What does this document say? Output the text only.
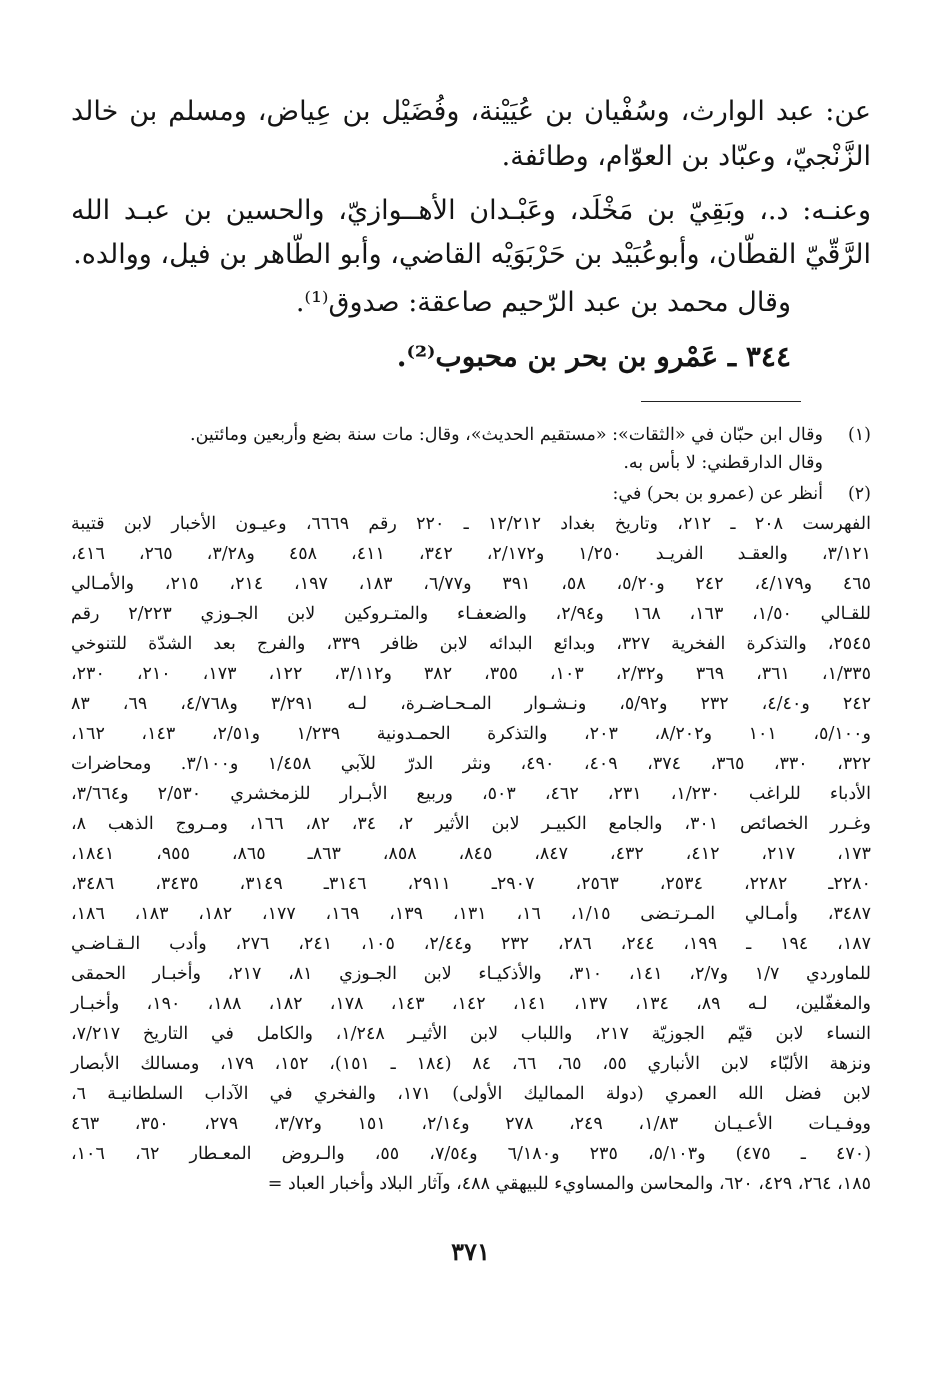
عن: عبد الوارث، وسُفْيان بن عُيَيْنة، وفُضَيْل بن عِياض، ومسلم بن خالد
الزَّنْجيّ، وعبّاد بن العوّام، وطائفة.
وعنـه: د.، وبَقِيّ بن مَخْلَد، وعَبْـدان الأهــوازيّ، والحسين بن عبـد الله
الرَّقّيّ القطّان، وأبوعُبَيْد بن حَرْبَوَيْه القاضي، وأبو الطّاهر بن فيل، ووالده.
وقال محمد بن عبد الرّحيم صاعقة: صدوق⁽¹⁾.
٣٤٤ ـ عَمْرو بن بحر بن محبوب⁽²⁾.
(١)
وقال ابن حبّان في «الثقات»: «مستقيم الحديث»، وقال: مات سنة بضع وأربعين ومائتين.
وقال الدارقطني: لا بأس به.
(٢)
أنظر عن (عمرو بن بحر) في:
الفهرست ٢٠٨ ـ ٢١٢، وتاريخ بغداد ١٢/٢١٢ ـ ٢٢٠ رقم ٦٦٦٩، وعيـون الأخبار لابن قتيبة
٣/١٢١، والعقـد الفريـد ١/٢٥٠ و٢/١٧٢، ٣٤٢، ٤١١، ٤٥٨ و٣/٢٨، ٢٦٥، ٤١٦،
٤٦٥ و٤/١٧٩، ٢٤٢ و٥/٢٠، ٥٨، ٣٩١ و٦/٧٧، ١٨٣، ١٩٧، ٢١٤، ٢١٥، والأمـالي
للقـالي ١/٥٠، ١٦٣، ١٦٨ و٢/٩٤، والضعفـاء والمتـروكين لابن الجـوزي ٢/٢٢٣ رقم
٢٥٤٥، والتذكرة الفخرية ٣٢٧، وبدائع البدائه لابن ظافر ٣٣٩، والفرج بعد الشدّة للتنوخي
١/٣٣٥، ٣٦١، ٣٦٩ و٢/٣٢، ١٠٣، ٣٥٥، ٣٨٢ و٣/١١٢، ١٢٢، ١٧٣، ٢١٠، ٢٣٠،
٢٤٢ و٤/٤٠، ٢٣٢ و٥/٩٢، ونـشـوار المـحـاضـرة، لـه ٣/٢٩١ و٤/٧٦٨، ٦٩، ٨٣
و٥/١٠٠، ١٠١ و٨/٢٠٢، ٢٠٣، والتذكرة الحمـدونية ١/٢٣٩ و٢/٥١، ١٤٣، ١٦٢،
٣٢٢، ٣٣٠، ٣٦٥، ٣٧٤، ٤٠٩، ٤٩٠، ونثر الدرّ للآبي ١/٤٥٨ و٣/١٠٠. ومحاضرات
الأدباء للراغب ١/٢٣٠، ٢٣١، ٤٦٢، ٥٠٣، وربيع الأبـرار للزمخشري ٢/٥٣٠ و٣/٦٦٤،
وغـرر الخصائص ٣٠١، والجامع الكبيـر لابن الأثير ٢، ٣٤، ٨٢، ١٦٦، ومـروج الذهب ٨،
١٧٣، ٢١٧، ٤١٢، ٤٣٢، ٨٤٧، ٨٤٥، ٨٥٨، ٨٦٣ـ ٨٦٥، ٩٥٥، ١٨٤١،
٢٢٨٠ـ ٢٢٨٢، ٢٥٣٤، ٢٥٦٣، ٢٩٠٧ـ ٢٩١١، ٣١٤٦ـ ٣١٤٩، ٣٤٣٥، ٣٤٨٦،
٣٤٨٧، وأمـالي المـرتـضى ١/١٥، ١٦، ١٣١، ١٣٩، ١٦٩، ١٧٧، ١٨٢، ١٨٣، ١٨٦،
١٨٧، ١٩٤ ـ ١٩٩، ٢٤٤، ٢٨٦، ٢٣٢ و٢/٤٤، ١٠٥، ٢٤١، ٢٧٦، وأدب الـقـاضـي
للماوردي ١/٧ و٢/٧، ١٤١، ٣١٠، والأذكيـاء لابن الجـوزي ٨١، ٢١٧، وأخبـار الحمقى
والمغفّلين، لـه ٨٩، ١٣٤، ١٣٧، ١٤١، ١٤٢، ١٤٣، ١٧٨، ١٨٢، ١٨٨، ١٩٠، وأخبـار
النساء لابن قيّم الجوزيّة ٢١٧، واللباب لابن الأثيـر ١/٢٤٨، والكامل في التاريخ ٧/٢١٧،
ونزهة الألبّاء لابن الأنباري ٥٥، ٦٥، ٦٦، ٨٤ (١٨٤ ـ ١٥١)، ١٥٢، ١٧٩، ومسالك الأبصار
لابن فضل الله العمري (دولة المماليك الأولى) ١٧١، والفخري في الآداب السلطانيـة ٦،
ووفـيـات الأعـيـان ١/٨٣، ٢٤٩، ٢٧٨ و٢/١٤، ١٥١ و٣/٧٢، ٢٧٩، ٣٥٠، ٤٦٣
(٤٧٠ ـ ٤٧٥) و٥/١٠٣، ٢٣٥ و٦/١٨٠ و٧/٥٤، ٥٥، والـروض المعـطار ٦٢، ١٠٦،
١٨٥، ٢٦٤، ٤٢٩، ٦٢٠، والمحاسن والمساويء للبيهقي ٤٨٨، وآثار البلاد وأخبار العباد =
٣٧١
